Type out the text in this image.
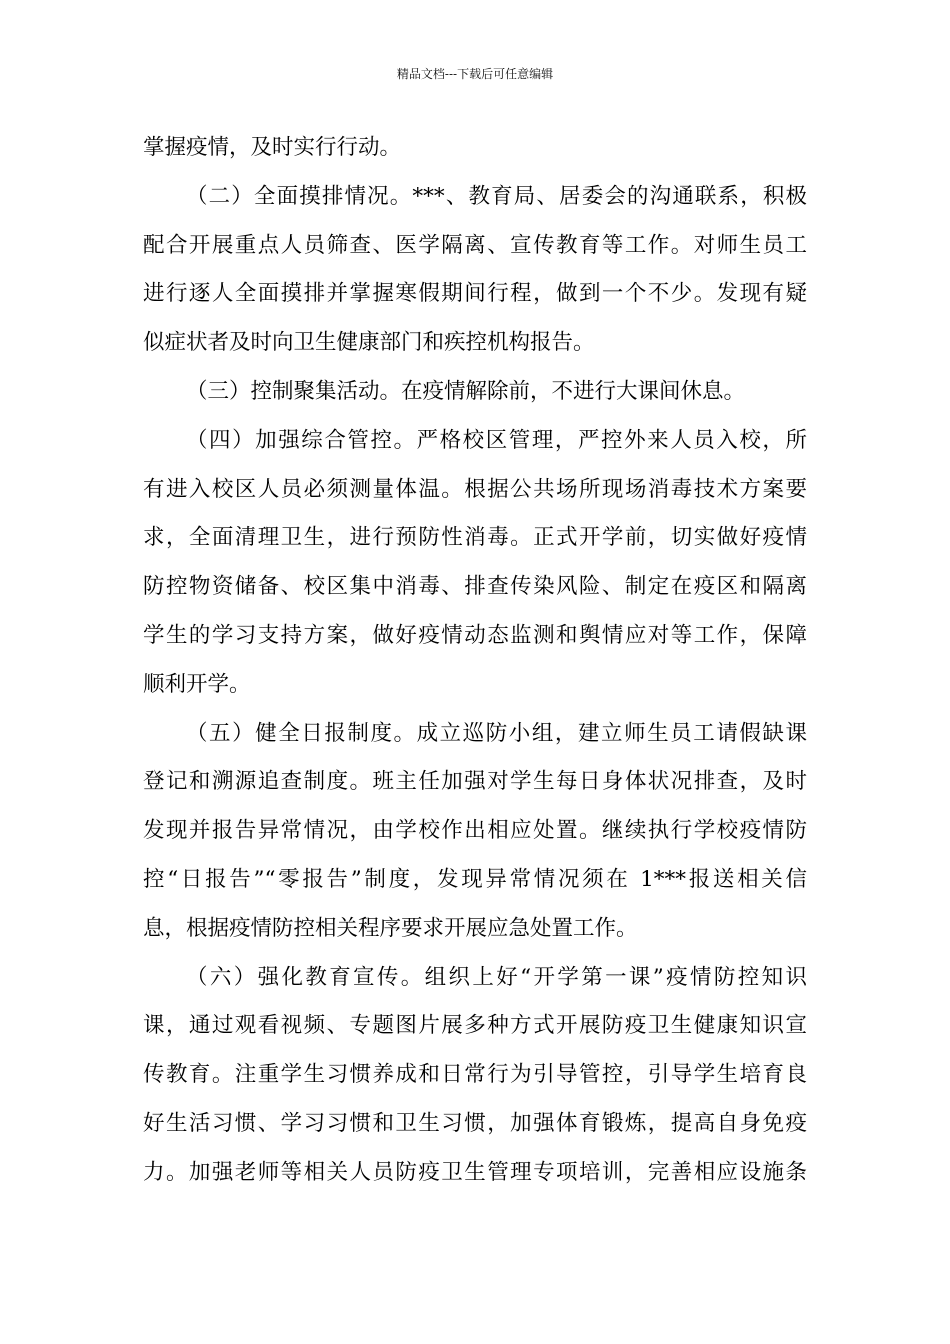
精品文档---下载后可任意编辑
掌握疫情，及时实行行动。
（二）全面摸排情况。***、教育局、居委会的沟通联系，积极
配合开展重点人员筛查、医学隔离、宣传教育等工作。对师生员工
进行逐人全面摸排并掌握寒假期间行程，做到一个不少。发现有疑
似症状者及时向卫生健康部门和疾控机构报告。
（三）控制聚集活动。在疫情解除前，不进行大课间休息。
（四）加强综合管控。严格校区管理，严控外来人员入校，所
有进入校区人员必须测量体温。根据公共场所现场消毒技术方案要
求，全面清理卫生，进行预防性消毒。正式开学前，切实做好疫情
防控物资储备、校区集中消毒、排查传染风险、制定在疫区和隔离
学生的学习支持方案，做好疫情动态监测和舆情应对等工作，保障
顺利开学。
（五）健全日报制度。成立巡防小组，建立师生员工请假缺课
登记和溯源追查制度。班主任加强对学生每日身体状况排查，及时
发现并报告异常情况，由学校作出相应处置。继续执行学校疫情防
控“日报告”“零报告”制度，发现异常情况须在 1***报送相关信
息，根据疫情防控相关程序要求开展应急处置工作。
（六）强化教育宣传。组织上好“开学第一课”疫情防控知识
课，通过观看视频、专题图片展多种方式开展防疫卫生健康知识宣
传教育。注重学生习惯养成和日常行为引导管控，引导学生培育良
好生活习惯、学习习惯和卫生习惯，加强体育锻炼，提高自身免疫
力。加强老师等相关人员防疫卫生管理专项培训，完善相应设施条
